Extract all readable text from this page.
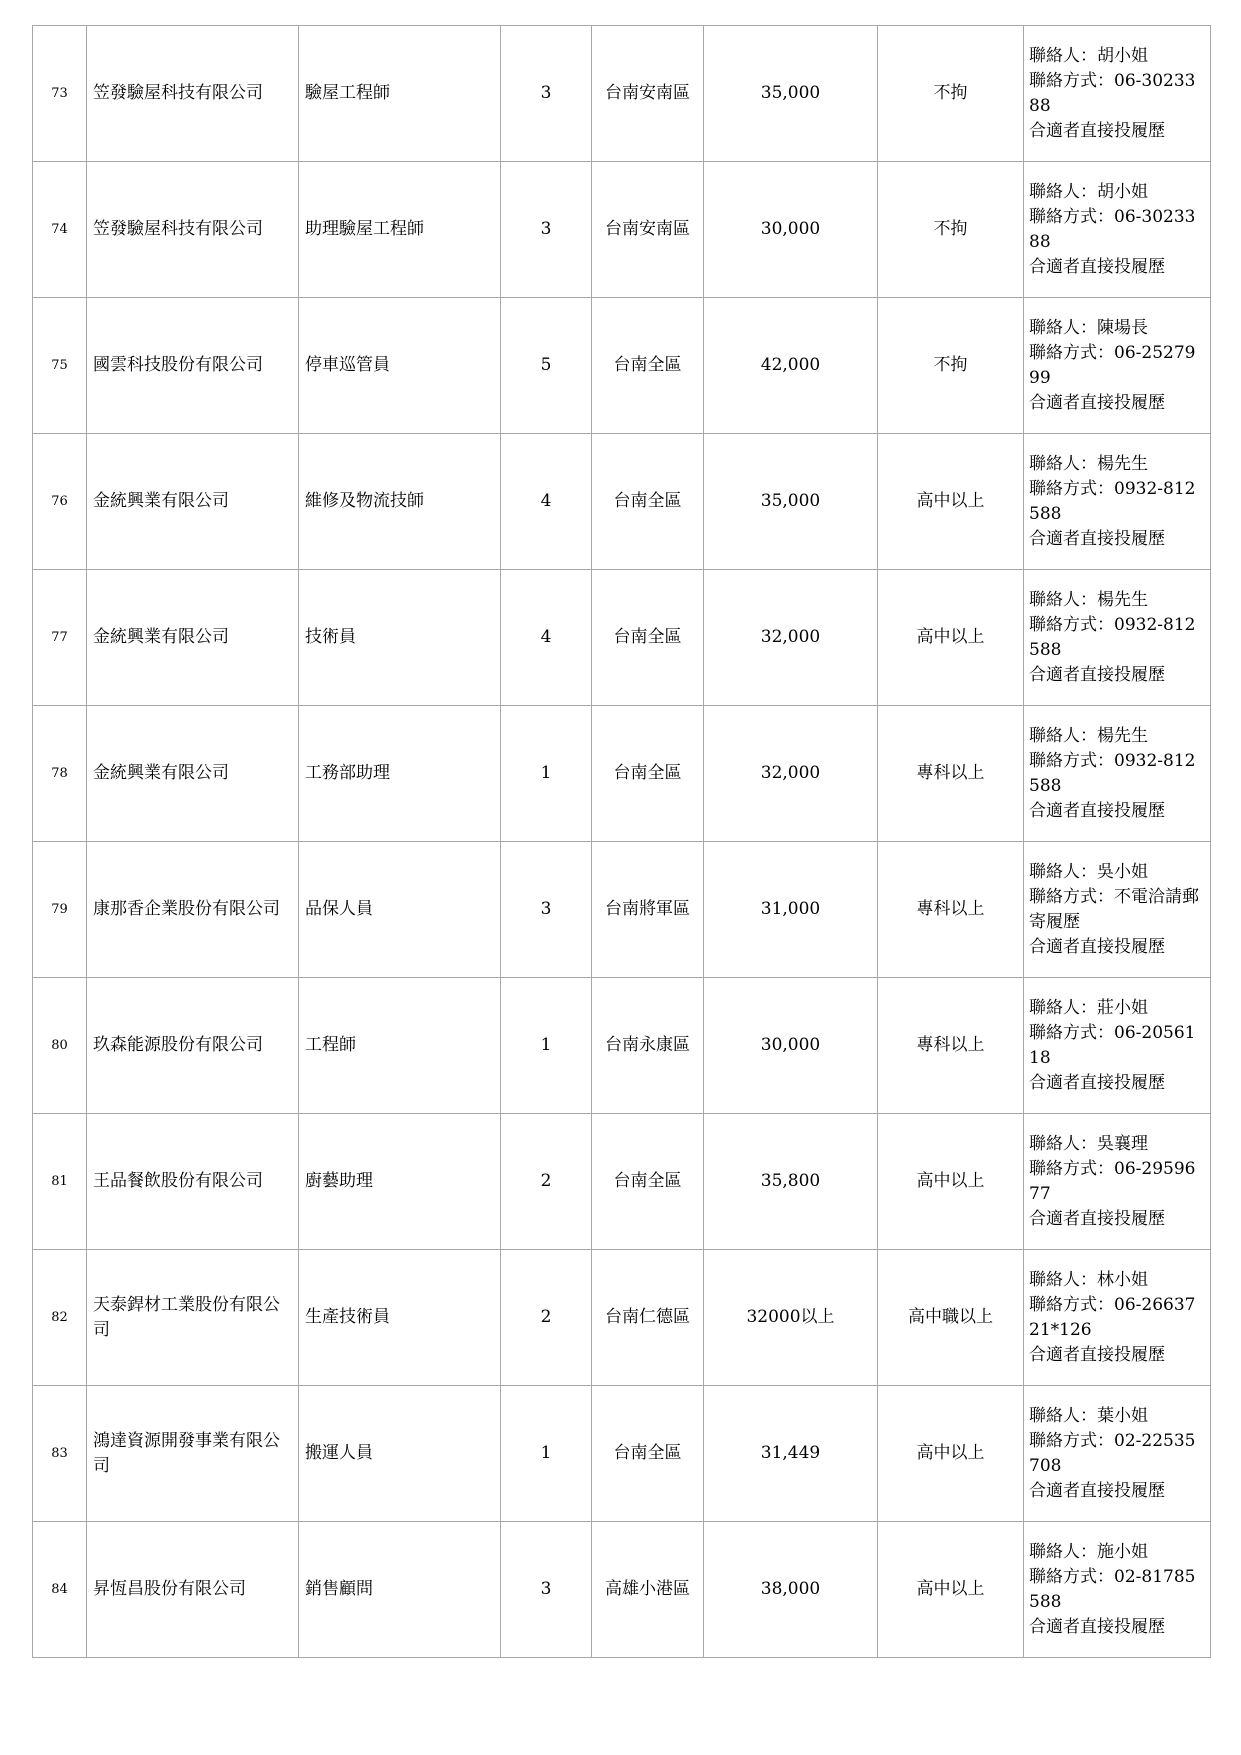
73	笠發驗屋科技有限公司	驗屋工程師	3	台南安南區	35,000	不拘	聯絡人：胡小姐
聯絡方式：06-3023388
合適者直接投履歷

74	笠發驗屋科技有限公司	助理驗屋工程師	3	台南安南區	30,000	不拘	聯絡人：胡小姐
聯絡方式：06-3023388
合適者直接投履歷

75	國雲科技股份有限公司	停車巡管員	5	台南全區	42,000	不拘	聯絡人：陳場長
聯絡方式：06-2527999
合適者直接投履歷

76	金統興業有限公司	維修及物流技師	4	台南全區	35,000	高中以上	聯絡人：楊先生
聯絡方式：0932-812588
合適者直接投履歷

77	金統興業有限公司	技術員	4	台南全區	32,000	高中以上	聯絡人：楊先生
聯絡方式：0932-812588
合適者直接投履歷

78	金統興業有限公司	工務部助理	1	台南全區	32,000	專科以上	聯絡人：楊先生
聯絡方式：0932-812588
合適者直接投履歷

79	康那香企業股份有限公司	品保人員	3	台南將軍區	31,000	專科以上	聯絡人：吳小姐
聯絡方式：不電洽請郵寄履歷
合適者直接投履歷

80	玖森能源股份有限公司	工程師	1	台南永康區	30,000	專科以上	聯絡人：莊小姐
聯絡方式：06-2056118
合適者直接投履歷

81	王品餐飲股份有限公司	廚藝助理	2	台南全區	35,800	高中以上	聯絡人：吳襄理
聯絡方式：06-2959677
合適者直接投履歷

82	天泰銲材工業股份有限公司	生產技術員	2	台南仁德區	32000以上	高中職以上	聯絡人：林小姐
聯絡方式：06-2663721*126
合適者直接投履歷

83	鴻達資源開發事業有限公司	搬運人員	1	台南全區	31,449	高中以上	聯絡人：葉小姐
聯絡方式：02-22535708
合適者直接投履歷

84	昇恆昌股份有限公司	銷售顧問	3	高雄小港區	38,000	高中以上	聯絡人：施小姐
聯絡方式：02-81785588
合適者直接投履歷
